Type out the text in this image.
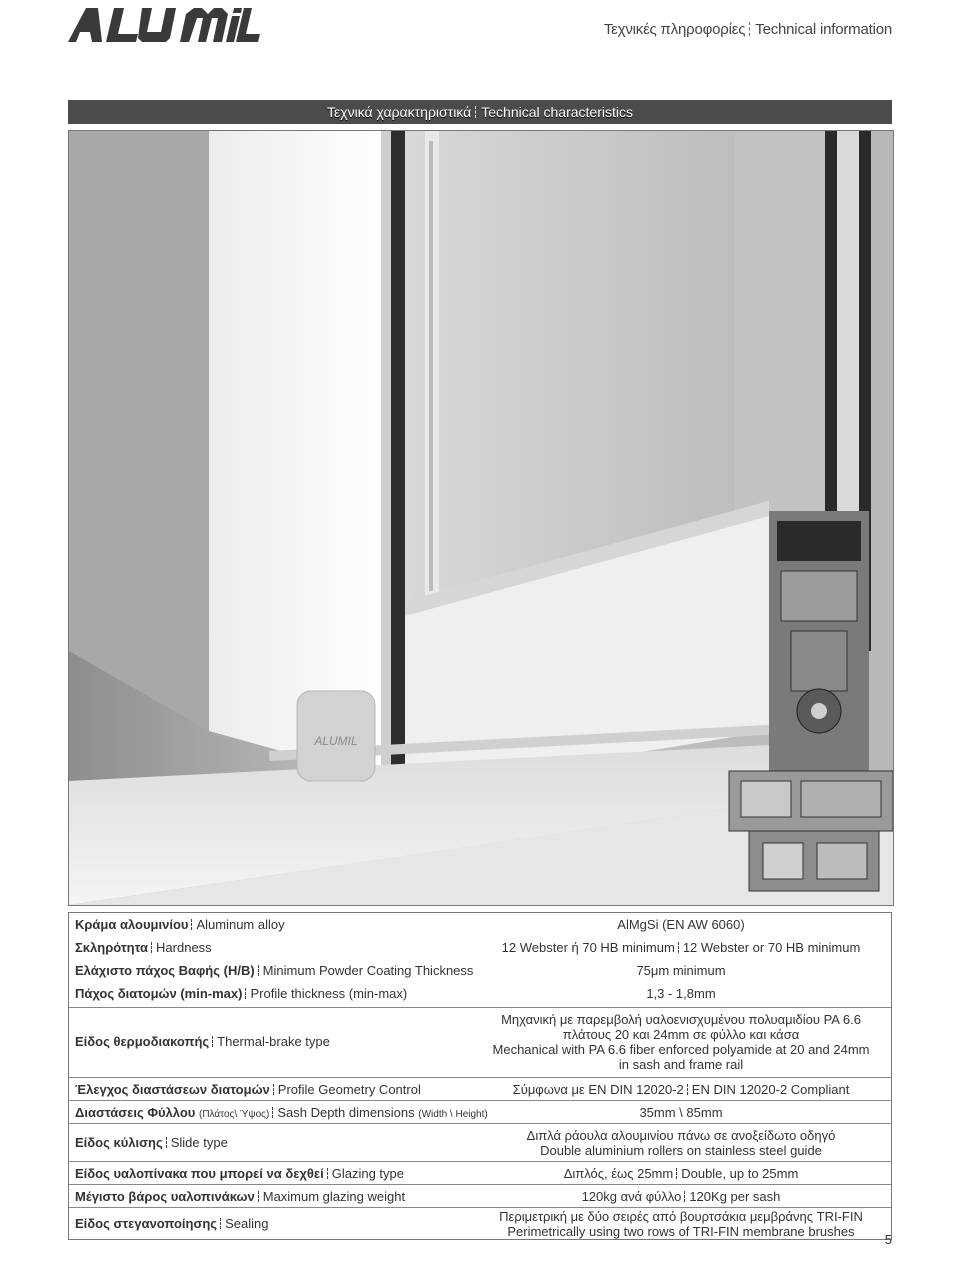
Τεχνικές πληροφορίες Technical information
Τεχνικά χαρακτηριστικά Technical characteristics
ALUMIL
Κράμα αλουμινίου Aluminum alloy	AlMgSi (EN AW 6060)
Σκληρότητα Hardness	12 Webster ή 70 HB minimum 12 Webster or 70 HB minimum
Ελάχιστο πάχος Βαφής (Η/Β) Minimum Powder Coating Thickness	75μm minimum
Πάχος διατομών (min-max) Profile thickness (min-max)	1,3 - 1,8mm
Είδος θερμοδιακοπής Thermal-brake type
Μηχανική με παρεμβολή υαλοενισχυμένου πολυαμιδίου PA 6.6
πλάτους 20 και 24mm σε φύλλο και κάσα
Mechanical with PA 6.6 fiber enforced polyamide at 20 and 24mm
in sash and frame rail
Έλεγχος διαστάσεων διατομών Profile Geometry Control	Σύμφωνα με EN DIN 12020-2 EN DIN 12020-2 Compliant
Διαστάσεις Φύλλου (Πλάτος\ Ύψος) Sash Depth dimensions (Width \ Height)	35mm \ 85mm
Είδος κύλισης Slide type	Διπλά ράουλα αλουμινίου πάνω σε ανοξείδωτο οδηγό
Double aluminium rollers on stainless steel guide
Είδος υαλοπίνακα που μπορεί να δεχθεί Glazing type	Διπλός, έως 25mm Double, up to 25mm
Μέγιστο βάρος υαλοπινάκων Maximum glazing weight	120kg ανά φύλλο 120Kg per sash
Είδος στεγανοποίησης Sealing	Περιμετρική με δύο σειρές από βουρτσάκια μεμβράνης TRI-FIN
Perimetrically using two rows of TRI-FIN membrane brushes
5
